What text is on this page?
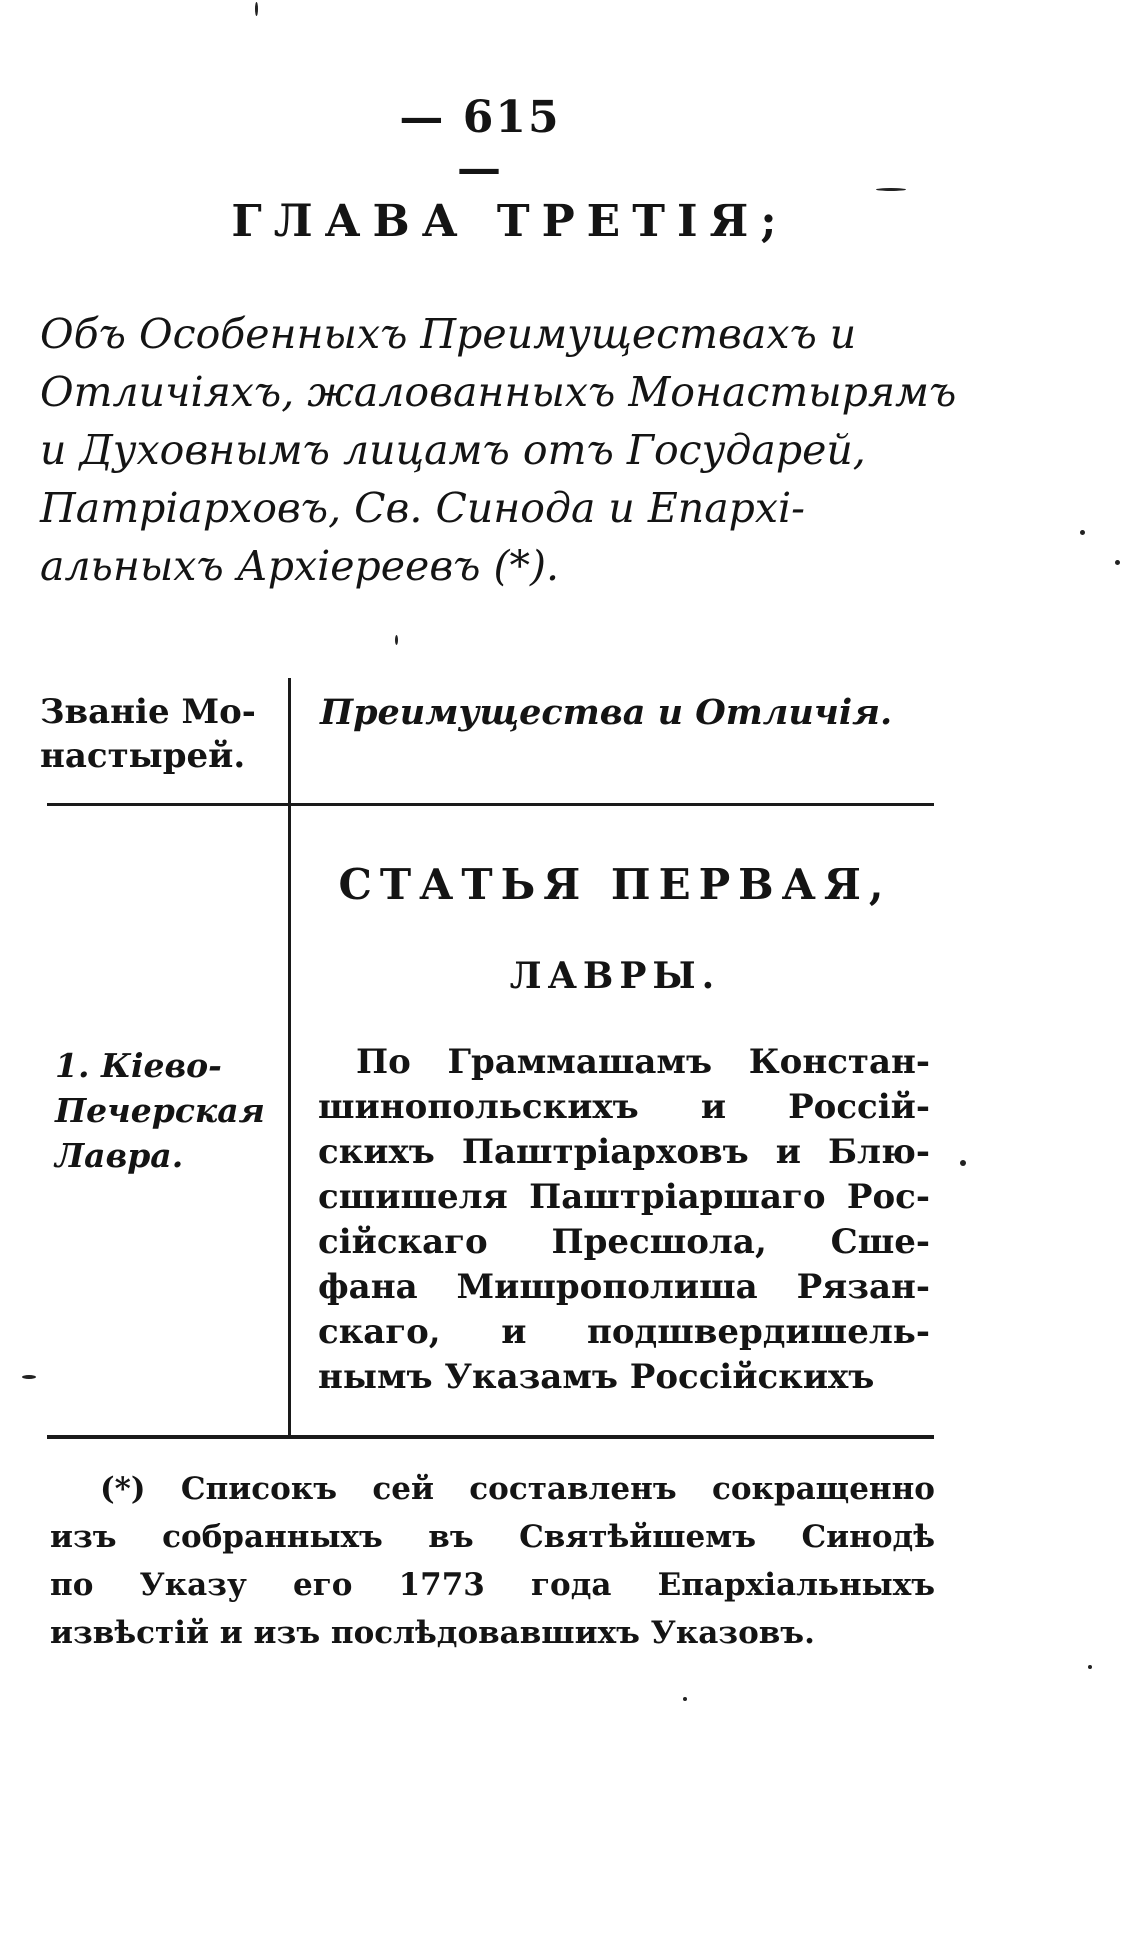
— 615 —
ГЛАВА ТРЕТІЯ;
Объ Особенныхъ Преимуществахъ и
Отличіяхъ, жалованныхъ Монастырямъ
и Духовнымъ лицамъ отъ Государей,
Патріарховъ, Св. Синода и Епархі-
альныхъ Архіереевъ (*).
Званіе Мо-
настырей.
Преимущества и Отличія.
СТАТЬЯ ПЕРВАЯ,
ЛАВРЫ.
1. Кіево-
Печерская
Лавра.
По Граммашамъ Констан-
шинопольскихъ и Россій-
скихъ Паштріарховъ и Блю-
сшишеля Паштріаршаго Рос-
сійскаго Пресшола, Сше-
фана Мишрополиша Рязан-
скаго, и подшвердишель-
нымъ Указамъ Россійскихъ
(*) Списокъ сей составленъ сокращенно
изъ собранныхъ въ Святѣйшемъ Синодѣ
по Указу его 1773 года Епархіальныхъ
извѣстій и изъ послѣдовавшихъ Указовъ.
